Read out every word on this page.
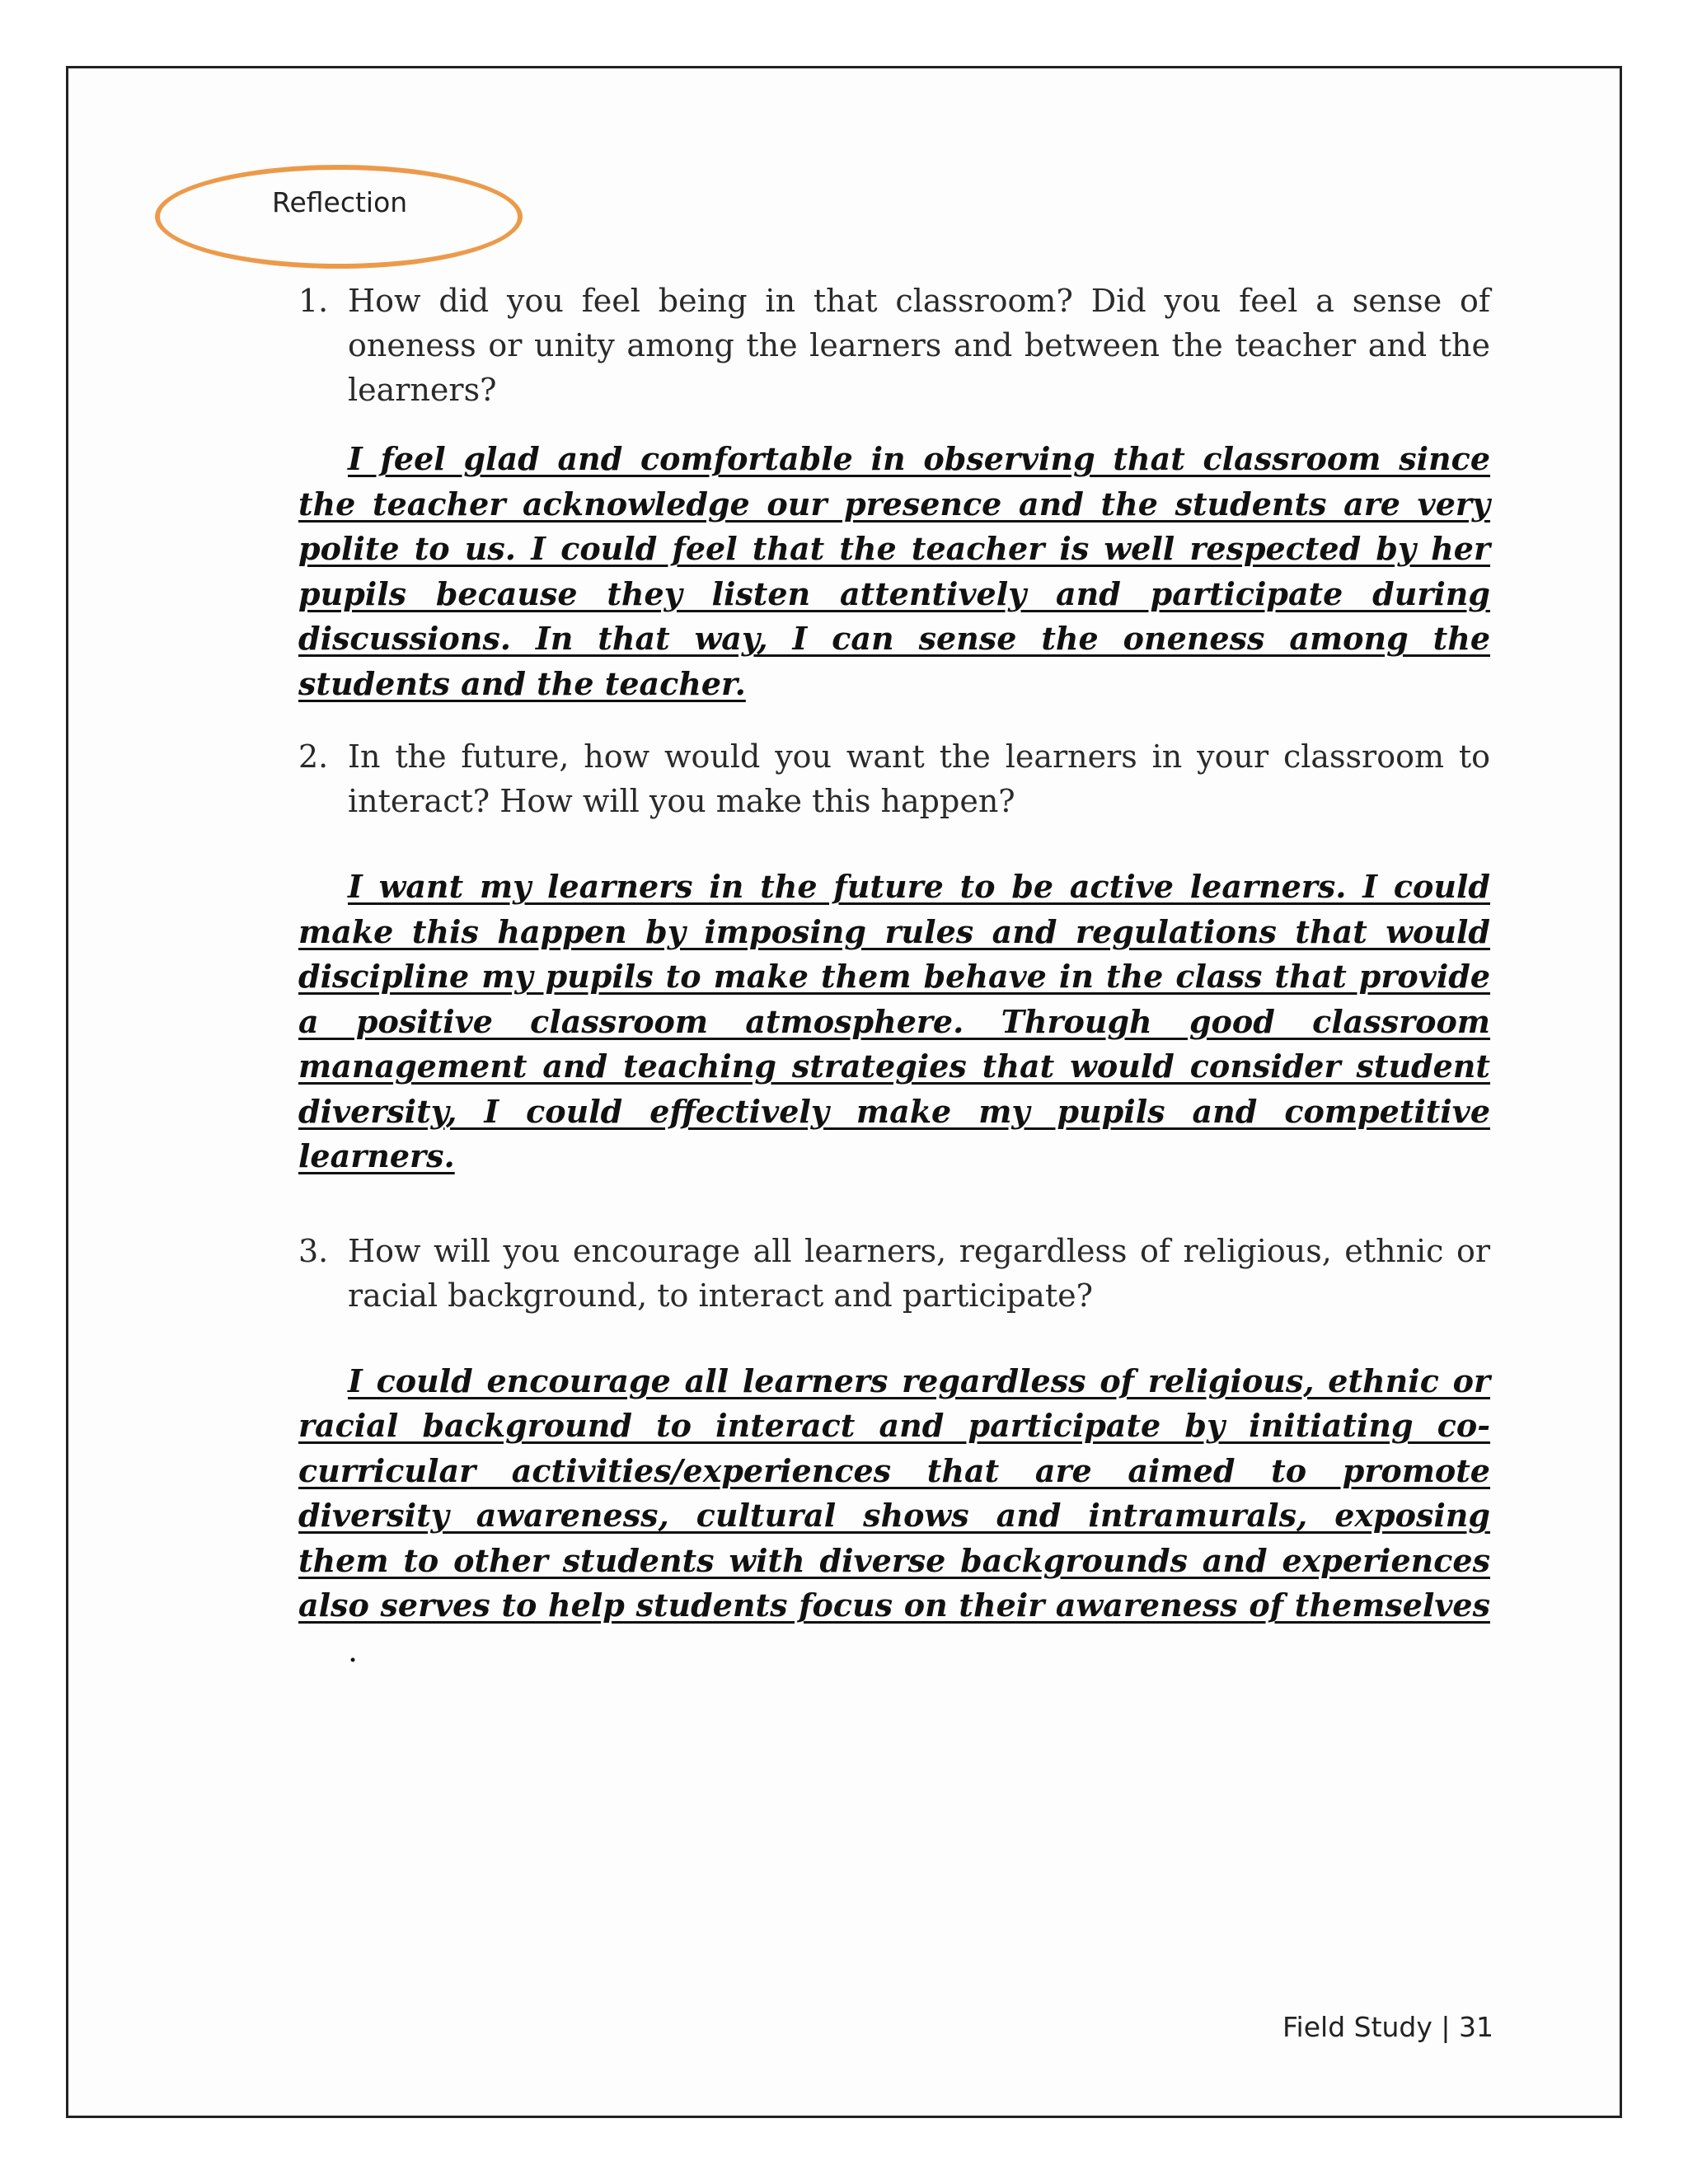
Reflection
1. How did you feel being in that classroom? Did you feel a sense of oneness or unity among the learners and between the teacher and the learners?

I feel glad and comfortable in observing that classroom since the teacher acknowledge our presence and the students are very polite to us. I could feel that the teacher is well respected by her pupils because they listen attentively and participate during discussions. In that way, I can sense the oneness among the students and the teacher.

2. In the future, how would you want the learners in your classroom to interact? How will you make this happen?

I want my learners in the future to be active learners. I could make this happen by imposing rules and regulations that would discipline my pupils to make them behave in the class that provide a positive classroom atmosphere. Through good classroom management and teaching strategies that would consider student diversity, I could effectively make my pupils and competitive learners.

3. How will you encourage all learners, regardless of religious, ethnic or racial background, to interact and participate?

I could encourage all learners regardless of religious, ethnic or racial background to interact and participate by initiating co-curricular activities/experiences that are aimed to promote diversity awareness, cultural shows and intramurals, exposing them to other students with diverse backgrounds and experiences also serves to help students focus on their awareness of themselves.

Field Study | 31
